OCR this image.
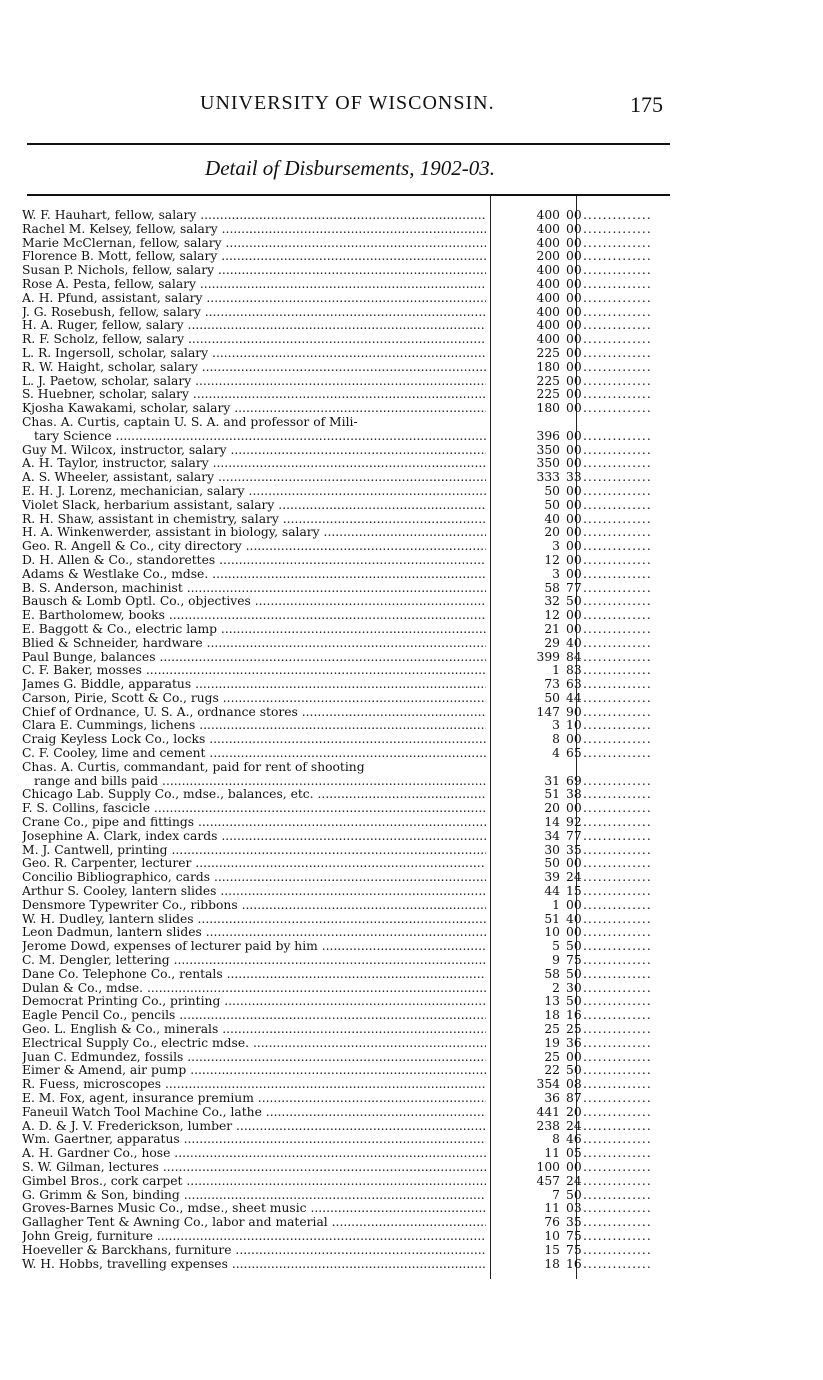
UNIVERSITY OF WISCONSIN.	175
Detail of Disbursements, 1902-03.
W. F. Hauhart, fellow, salary .....	400 00 ..............
Rachel M. Kelsey, fellow, salary .....	400 00 ..............
Marie McClernan, fellow, salary .....	400 00 ..............
Florence B. Mott, fellow, salary .....	200 00 ..............
Susan P. Nichols, fellow, salary .....	400 00 ..............
Rose A. Pesta, fellow, salary .....	400 00 ..............
A. H. Pfund, assistant, salary .....	400 00 ..............
J. G. Rosebush, fellow, salary .....	400 00 ..............
H. A. Ruger, fellow, salary .....	400 00 ..............
R. F. Scholz, fellow, salary .....	400 00 ..............
L. R. Ingersoll, scholar, salary .....	225 00 ..............
R. W. Haight, scholar, salary .....	180 00 ..............
L. J. Paetow, scholar, salary .....	225 00 ..............
S. Huebner, scholar, salary .....	225 00 ..............
Kjosha Kawakami, scholar, salary .....	180 00 ..............
Chas. A. Curtis, captain U. S. A. and professor of Mili-
tary Science .....	396 00 ..............
Guy M. Wilcox, instructor, salary .....	350 00 ..............
A. H. Taylor, instructor, salary .....	350 00 ..............
A. S. Wheeler, assistant, salary .....	333 33 ..............
E. H. J. Lorenz, mechanician, salary .....	50 00 ..............
Violet Slack, herbarium assistant, salary .....	50 00 ..............
R. H. Shaw, assistant in chemistry, salary .....	40 00 ..............
H. A. Winkenwerder, assistant in biology, salary .....	20 00 ..............
Geo. R. Angell & Co., city directory .....	3 00 ..............
D. H. Allen & Co., standorettes .....	12 00 ..............
Adams & Westlake Co., mdse. .....	3 00 ..............
B. S. Anderson, machinist .....	58 77 ..............
Bausch & Lomb Optl. Co., objectives .....	32 50 ..............
E. Bartholomew, books .....	12 00 ..............
E. Baggott & Co., electric lamp .....	21 00 ..............
Blied & Schneider, hardware .....	29 40 ..............
Paul Bunge, balances .....	399 84 ..............
C. F. Baker, mosses .....	1 83 ..............
James G. Biddle, apparatus .....	73 63 ..............
Carson, Pirie, Scott & Co., rugs .....	50 44 ..............
Chief of Ordnance, U. S. A., ordnance stores .....	147 90 ..............
Clara E. Cummings, lichens .....	3 10 ..............
Craig Keyless Lock Co., locks .....	8 00 ..............
C. F. Cooley, lime and cement .....	4 65 ..............
Chas. A. Curtis, commandant, paid for rent of shooting
range and bills paid .....	31 69 ..............
Chicago Lab. Supply Co., mdse., balances, etc. .....	51 38 ..............
F. S. Collins, fascicle .....	20 00 ..............
Crane Co., pipe and fittings .....	14 92 ..............
Josephine A. Clark, index cards .....	34 77 ..............
M. J. Cantwell, printing .....	30 35 ..............
Geo. R. Carpenter, lecturer .....	50 00 ..............
Concilio Bibliographico, cards .....	39 24 ..............
Arthur S. Cooley, lantern slides .....	44 15 ..............
Densmore Typewriter Co., ribbons .....	1 00 ..............
W. H. Dudley, lantern slides .....	51 40 ..............
Leon Dadmun, lantern slides .....	10 00 ..............
Jerome Dowd, expenses of lecturer paid by him .....	5 50 ..............
C. M. Dengler, lettering .....	9 75 ..............
Dane Co. Telephone Co., rentals .....	58 50 ..............
Dulan & Co., mdse. .....	2 30 ..............
Democrat Printing Co., printing .....	13 50 ..............
Eagle Pencil Co., pencils .....	18 16 ..............
Geo. L. English & Co., minerals .....	25 25 ..............
Electrical Supply Co., electric mdse. .....	19 36 ..............
Juan C. Edmundez, fossils .....	25 00 ..............
Eimer & Amend, air pump .....	22 50 ..............
R. Fuess, microscopes .....	354 08 ..............
E. M. Fox, agent, insurance premium .....	36 87 ..............
Faneuil Watch Tool Machine Co., lathe .....	441 20 ..............
A. D. & J. V. Frederickson, lumber .....	238 24 ..............
Wm. Gaertner, apparatus .....	8 46 ..............
A. H. Gardner Co., hose .....	11 05 ..............
S. W. Gilman, lectures .....	100 00 ..............
Gimbel Bros., cork carpet .....	457 24 ..............
G. Grimm & Son, binding .....	7 50 ..............
Groves-Barnes Music Co., mdse., sheet music .....	11 03 ..............
Gallagher Tent & Awning Co., labor and material .....	76 35 ..............
John Greig, furniture .....	10 75 ..............
Hoeveller & Barckhans, furniture .....	15 75 ..............
W. H. Hobbs, travelling expenses .....	18 16 ..............
